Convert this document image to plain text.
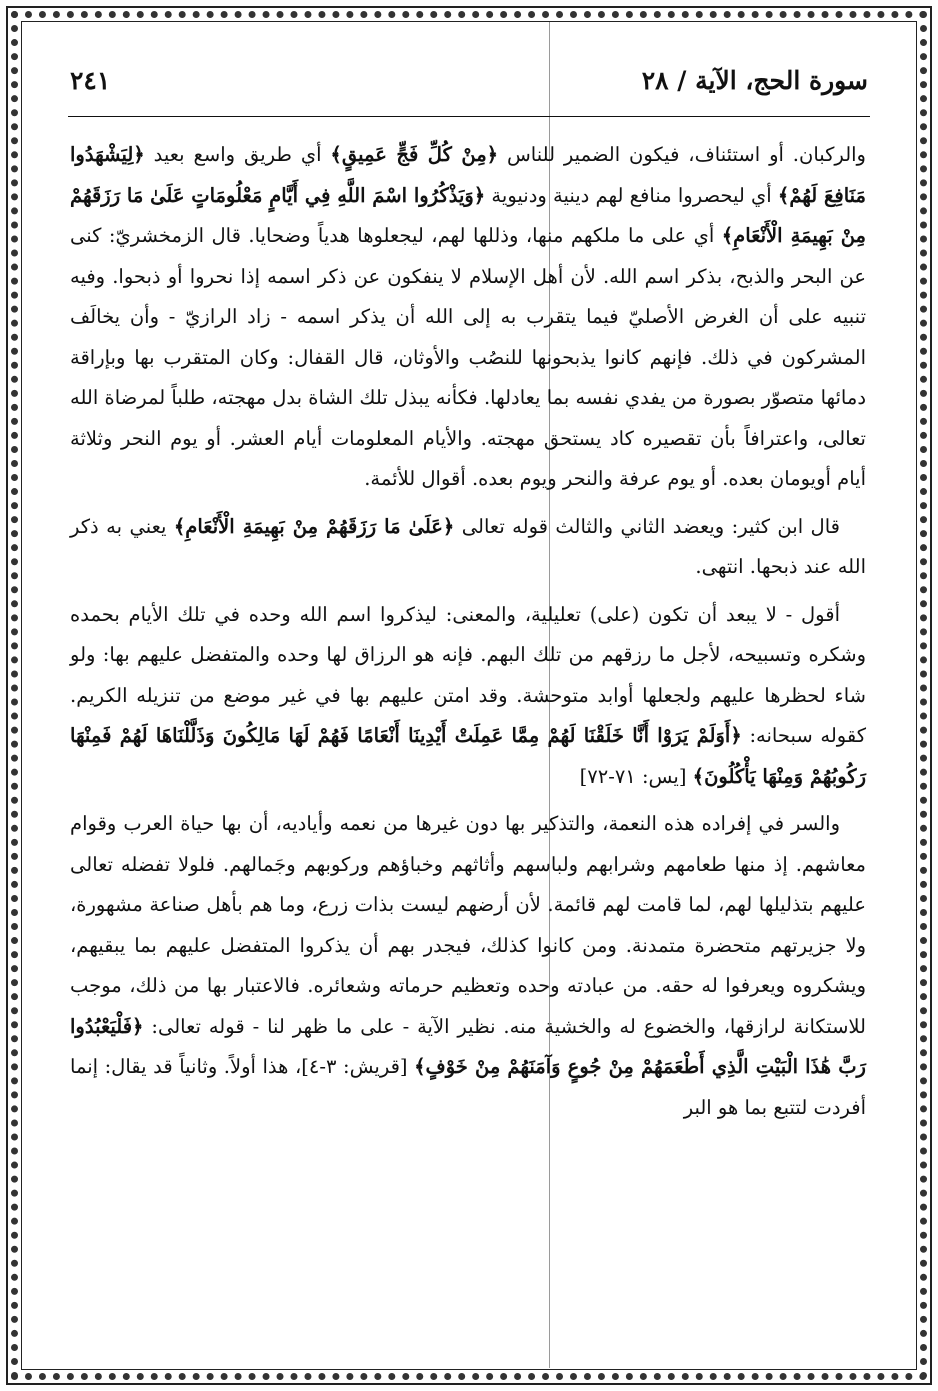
سورة الحج، الآية / ٢٨
٢٤١

والركبان. أو استئناف، فيكون الضمير للناس ﴿مِنْ كُلِّ فَجٍّ عَمِيقٍ﴾ أي طريق واسع بعيد ﴿لِيَشْهَدُوا مَنَافِعَ لَهُمْ﴾ أي ليحصروا منافع لهم دينية ودنيوية ﴿وَيَذْكُرُوا اسْمَ اللَّهِ فِي أَيَّامٍ مَعْلُومَاتٍ عَلَىٰ مَا رَزَقَهُمْ مِنْ بَهِيمَةِ الْأَنْعَامِ﴾ أي على ما ملكهم منها، وذللها لهم، ليجعلوها هدياً وضحايا. قال الزمخشريّ: كنى عن البحر والذبح، بذكر اسم الله. لأن أهل الإسلام لا ينفكون عن ذكر اسمه إذا نحروا أو ذبحوا. وفيه تنبيه على أن الغرض الأصليّ فيما يتقرب به إلى الله أن يذكر اسمه - زاد الرازيّ - وأن يخالَف المشركون في ذلك. فإنهم كانوا يذبحونها للنصُب والأوثان، قال القفال: وكان المتقرب بها وبإراقة دمائها متصوّر بصورة من يفدي نفسه بما يعادلها. فكأنه يبذل تلك الشاة بدل مهجته، طلباً لمرضاة الله تعالى، واعترافاً بأن تقصيره كاد يستحق مهجته. والأيام المعلومات أيام العشر. أو يوم النحر وثلاثة أيام أويومان بعده. أو يوم عرفة والنحر ويوم بعده. أقوال للأئمة.

قال ابن كثير: ويعضد الثاني والثالث قوله تعالى ﴿عَلَىٰ مَا رَزَقَهُمْ مِنْ بَهِيمَةِ الْأَنْعَامِ﴾ يعني به ذكر الله عند ذبحها. انتهى.

أقول - لا يبعد أن تكون (على) تعليلية، والمعنى: ليذكروا اسم الله وحده في تلك الأيام بحمده وشكره وتسبيحه، لأجل ما رزقهم من تلك البهم. فإنه هو الرزاق لها وحده والمتفضل عليهم بها: ولو شاء لحظرها عليهم ولجعلها أوابد متوحشة. وقد امتن عليهم بها في غير موضع من تنزيله الكريم. كقوله سبحانه: ﴿أَوَلَمْ يَرَوْا أَنَّا خَلَقْنَا لَهُمْ مِمَّا عَمِلَتْ أَيْدِينَا أَنْعَامًا فَهُمْ لَهَا مَالِكُونَ وَذَلَّلْنَاهَا لَهُمْ فَمِنْهَا رَكُوبُهُمْ وَمِنْهَا يَأْكُلُونَ﴾ [يس: ٧١-٧٢]

والسر في إفراده هذه النعمة، والتذكير بها دون غيرها من نعمه وأياديه، أن بها حياة العرب وقوام معاشهم. إذ منها طعامهم وشرابهم ولباسهم وأثاثهم وخباؤهم وركوبهم وجَمالهم. فلولا تفضله تعالى عليهم بتذليلها لهم، لما قامت لهم قائمة. لأن أرضهم ليست بذات زرع، وما هم بأهل صناعة مشهورة، ولا جزيرتهم متحضرة متمدنة. ومن كانوا كذلك، فيجدر بهم أن يذكروا المتفضل عليهم بما يبقيهم، ويشكروه ويعرفوا له حقه. من عبادته وحده وتعظيم حرماته وشعائره. فالاعتبار بها من ذلك، موجب للاستكانة لرازقها، والخضوع له والخشية منه. نظير الآية - على ما ظهر لنا - قوله تعالى: ﴿فَلْيَعْبُدُوا رَبَّ هَٰذَا الْبَيْتِ الَّذِي أَطْعَمَهُمْ مِنْ جُوعٍ وَآمَنَهُمْ مِنْ خَوْفٍ﴾ [قريش: ٣-٤]، هذا أولاً. وثانياً قد يقال: إنما أفردت لتتبع بما هو البر
